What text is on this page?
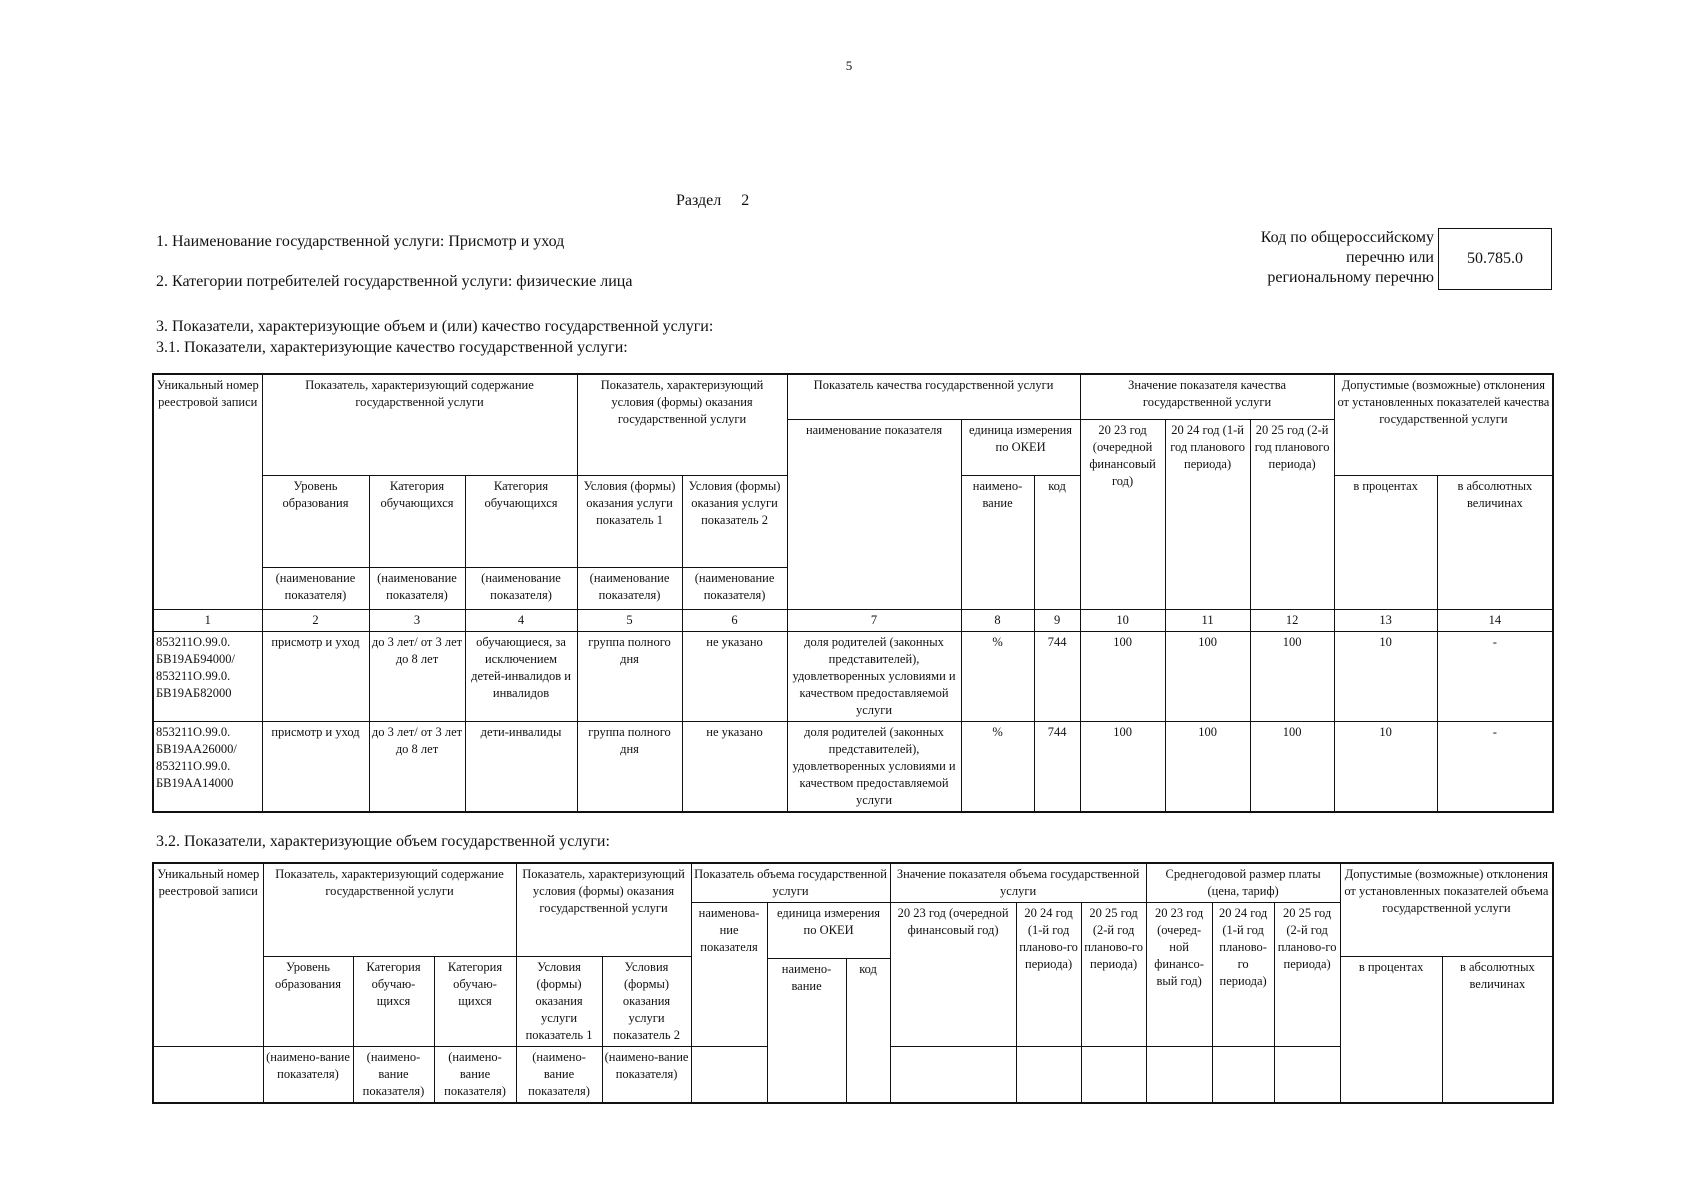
5
Раздел 2
1. Наименование государственной услуги: Присмотр и уход
2. Категории потребителей государственной услуги: физические лица
Код по общероссийскому
перечню или
региональному перечню
50.785.0
3. Показатели, характеризующие объем и (или) качество государственной услуги:
3.1. Показатели, характеризующие качество государственной услуги:
Уникальный номер реестровой записи	Показатель, характеризующий содержание государственной услуги			Показатель, характеризующий условия (формы) оказания государственной услуги		Показатель качества государственной услуги			Значение показателя качества государственной услуги			Допустимые (возможные) отклонения от установленных показателей качества государственной услуги	
						наименование показателя	единица измерения по ОКЕИ		20 23 год (очередной финансовый год)	20 24 год (1-й год планового периода)	20 25 год (2-й год планового периода)		
	Уровень образования	Категория обучающихся	Категория обучающихся	Условия (формы) оказания услуги показатель 1	Условия (формы) оказания услуги показатель 2		наимено-вание	код				в процентах	в абсолютных величинах
	(наименование показателя)	(наименование показателя)	(наименование показателя)	(наименование показателя)	(наименование показателя)								
1	2	3	4	5	6	7	8	9	10	11	12	13	14
853211О.99.0. БВ19АБ94000/ 853211О.99.0. БВ19АБ82000	присмотр и уход	до 3 лет/ от 3 лет до 8 лет	обучающиеся, за исключением детей-инвалидов и инвалидов	группа полного дня	не указано	доля родителей (законных представителей), удовлетворенных условиями и качеством предоставляемой услуги	%	744	100	100	100	10	-
853211О.99.0. БВ19АА26000/ 853211О.99.0. БВ19АА14000	присмотр и уход	до 3 лет/ от 3 лет до 8 лет	дети-инвалиды	группа полного дня	не указано	доля родителей (законных представителей), удовлетворенных условиями и качеством предоставляемой услуги	%	744	100	100	100	10	-
3.2. Показатели, характеризующие объем государственной услуги:
Уникальный номер реестровой записи	Показатель, характеризующий содержание государственной услуги			Показатель, характеризующий условия (формы) оказания государственной услуги		Показатель объема государственной услуги			Значение показателя объема государственной услуги			Среднегодовой размер платы (цена, тариф)			Допустимые (возможные) отклонения от установленных показателей объема государственной услуги	
						наименова-ние показателя	единица измерения по ОКЕИ		20 23 год (очередной финансовый год)	20 24 год (1-й год планово-го периода)	20 25 год (2-й год планово-го периода)	20 23 год (очеред-ной финансо-вый год)	20 24 год (1-й год планово-го периода)	20 25 год (2-й год планово-го периода)		
	Уровень образования	Категория обучаю-щихся	Категория обучаю-щихся	Условия (формы) оказания услуги показатель 1	Условия (формы) оказания услуги показатель 2										в процентах	в абсолютных величинах
							наимено-вание	код								
	(наимено-вание показателя)	(наимено-вание показателя)	(наимено-вание показателя)	(наимено-вание показателя)	(наимено-вание показателя)											
